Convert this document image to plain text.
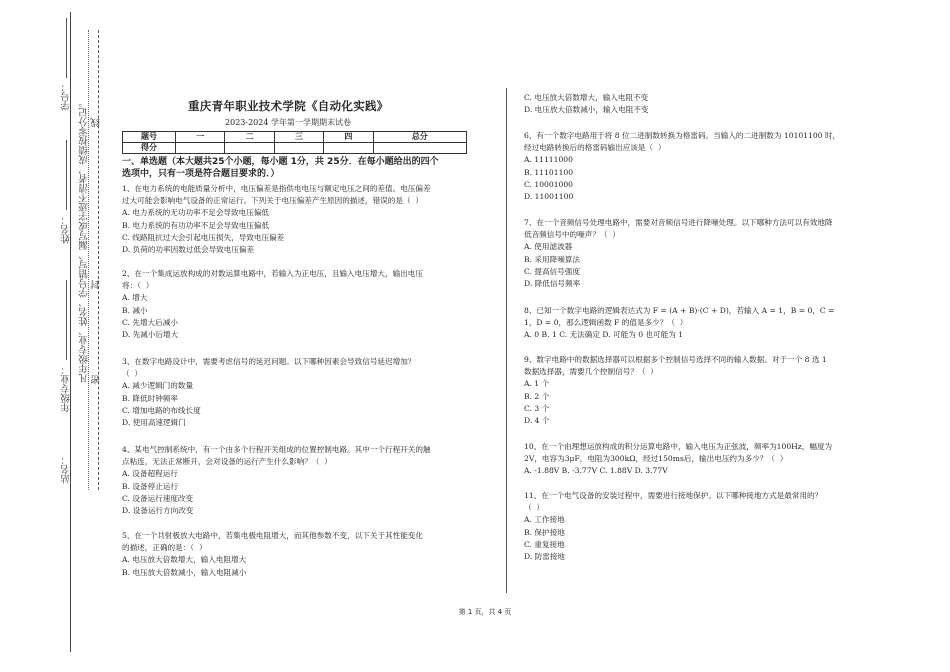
学号：
姓名：
年级专业：
站名：
凡年级专业、姓名、学号错写、漏写或字迹不清者，成绩按零分记。 线
封
密
重庆青年职业技术学院《自动化实践》
2023-2024 学年第一学期期末试卷
题号	一	二	三	四	总分
得分					
一、单选题（本大题共25个小题，每小题 1分，共 25分．在每小题给出的四个
选项中，只有一项是符合题目要求的．）

1、在电力系统的电能质量分析中，电压偏差是指供电电压与额定电压之间的差值。电压偏差

过大可能会影响电气设备的正常运行。下列关于电压偏差产生原因的描述，错误的是（  ）

A. 电力系统的无功功率不足会导致电压偏低

B. 电力系统的有功功率不足会导致电压偏低

C. 线路阻抗过大会引起电压损失，导致电压偏差

D. 负荷的功率因数过低会导致电压偏差

2、在一个集成运放构成的对数运算电路中，若输入为正电压，且输入电压增大，输出电压

将：（  ）

A. 增大

B. 减小

C. 先增大后减小

D. 先减小后增大

3、在数字电路设计中，需要考虑信号的延迟问题。以下哪种因素会导致信号延迟增加？

（  ）

A. 减少逻辑门的数量

B. 降低时钟频率

C. 增加电路的布线长度

D. 使用高速逻辑门

4、某电气控制系统中，有一个由多个行程开关组成的位置控制电路。其中一个行程开关的触

点粘连，无法正常断开，会对设备的运行产生什么影响？（  ）

A. 设备超程运行

B. 设备停止运行

C. 设备运行速度改变

D. 设备运行方向改变

5、在一个共射极放大电路中，若集电极电阻增大，而其他参数不变，以下关于其性能变化

的描述，正确的是：（  ）

A. 电压放大倍数增大，输入电阻增大

B. 电压放大倍数减小，输入电阻减小

C. 电压放大倍数增大，输入电阻不变

D. 电压放大倍数减小，输入电阻不变

6、有一个数字电路用于将 8 位二进制数转换为格雷码。当输入的二进制数为 10101100 时，

经过电路转换后的格雷码输出应该是（  ）

A. 11111000

B. 11101100

C. 10001000

D. 11001100

7、在一个音频信号处理电路中，需要对音频信号进行降噪处理。以下哪种方法可以有效地降

低音频信号中的噪声？（  ）

A. 使用滤波器

B. 采用降噪算法

C. 提高信号强度

D. 降低信号频率

8、已知一个数字电路的逻辑表达式为 F = (A + B)·(C + D)，若输入 A = 1，B = 0，C =

1，D = 0，那么逻辑函数 F 的值是多少？（  ）

A. 0 B. 1 C. 无法确定 D. 可能为 0 也可能为 1

9、数字电路中的数据选择器可以根据多个控制信号选择不同的输入数据。对于一个 8 选 1

数据选择器，需要几个控制信号？（  ）

A. 1 个

B. 2 个

C. 3 个

D. 4 个

10、在一个由理想运放构成的积分运算电路中，输入电压为正弦波，频率为100Hz，幅度为

2V，电容为3μF，电阻为300kΩ，经过150ms后，输出电压约为多少？（  ）

A. -1.88V B. -3.77V C. 1.88V D. 3.77V

11、在一个电气设备的安装过程中，需要进行接地保护。以下哪种接地方式是最常用的？

（  ）

A. 工作接地

B. 保护接地

C. 重复接地

D. 防雷接地

第 1 页，共 4 页
